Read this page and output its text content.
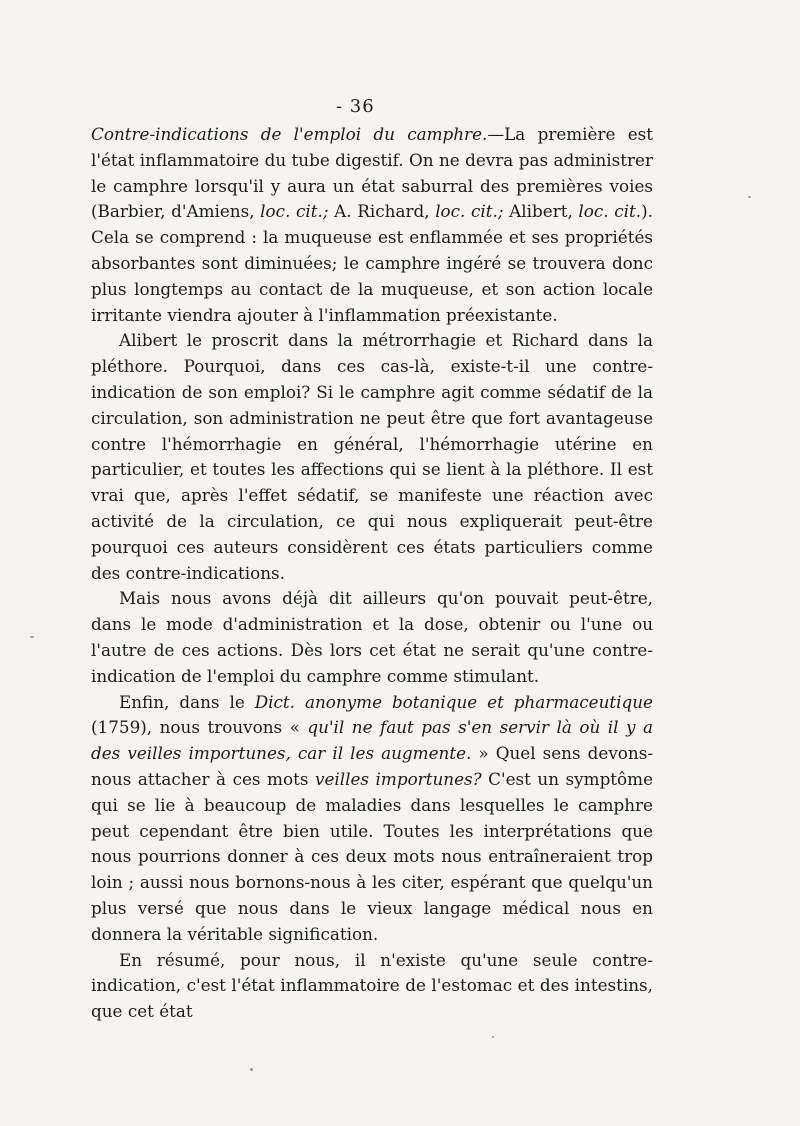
- 36

Contre-indications de l'emploi du camphre.—La première est l'état inflammatoire du tube digestif. On ne devra pas administrer le camphre lorsqu'il y aura un état saburral des premières voies (Barbier, d'Amiens, loc. cit.; A. Richard, loc. cit.; Alibert, loc. cit.). Cela se comprend : la muqueuse est enflammée et ses propriétés absorbantes sont diminuées; le camphre ingéré se trouvera donc plus longtemps au contact de la muqueuse, et son action locale irritante viendra ajouter à l'inflammation préexistante.

Alibert le proscrit dans la métrorrhagie et Richard dans la pléthore. Pourquoi, dans ces cas-là, existe-t-il une contre-indication de son emploi? Si le camphre agit comme sédatif de la circulation, son administration ne peut être que fort avantageuse contre l'hémorrhagie en général, l'hémorrhagie utérine en particulier, et toutes les affections qui se lient à la pléthore. Il est vrai que, après l'effet sédatif, se manifeste une réaction avec activité de la circulation, ce qui nous expliquerait peut-être pourquoi ces auteurs considèrent ces états particuliers comme des contre-indications.

Mais nous avons déjà dit ailleurs qu'on pouvait peut-être, dans le mode d'administration et la dose, obtenir ou l'une ou l'autre de ces actions. Dès lors cet état ne serait qu'une contre-indication de l'emploi du camphre comme stimulant.

Enfin, dans le Dict. anonyme botanique et pharmaceutique (1759), nous trouvons « qu'il ne faut pas s'en servir là où il y a des veilles importunes, car il les augmente. » Quel sens devons-nous attacher à ces mots veilles importunes? C'est un symptôme qui se lie à beaucoup de maladies dans lesquelles le camphre peut cependant être bien utile. Toutes les interprétations que nous pourrions donner à ces deux mots nous entraîneraient trop loin ; aussi nous bornons-nous à les citer, espérant que quelqu'un plus versé que nous dans le vieux langage médical nous en donnera la véritable signification.

En résumé, pour nous, il n'existe qu'une seule contre-indication, c'est l'état inflammatoire de l'estomac et des intestins, que cet état
